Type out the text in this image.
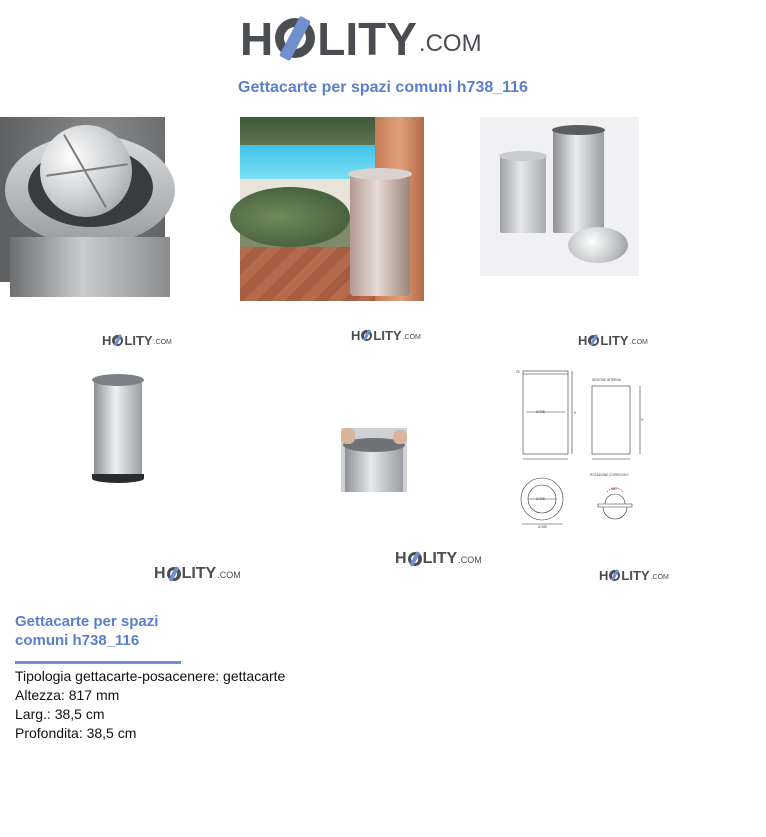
H LITY .COM
Gettacarte per spazi comuni h738_116
H LITY .COM	H LITY .COM	H LITY .COM
SEZIONE INTERNA
ROTAZIONE COPERCHIO
Ø 295
Ø 295
Ø 385
360°
25
H
H
H LITY .COM
H LITY .COM
H LITY .COM
Gettacarte per spazi
comuni h738_116
Tipologia gettacarte-posacenere: gettacarte
Altezza: 817 mm
Larg.: 38,5 cm
Profondita: 38,5 cm
